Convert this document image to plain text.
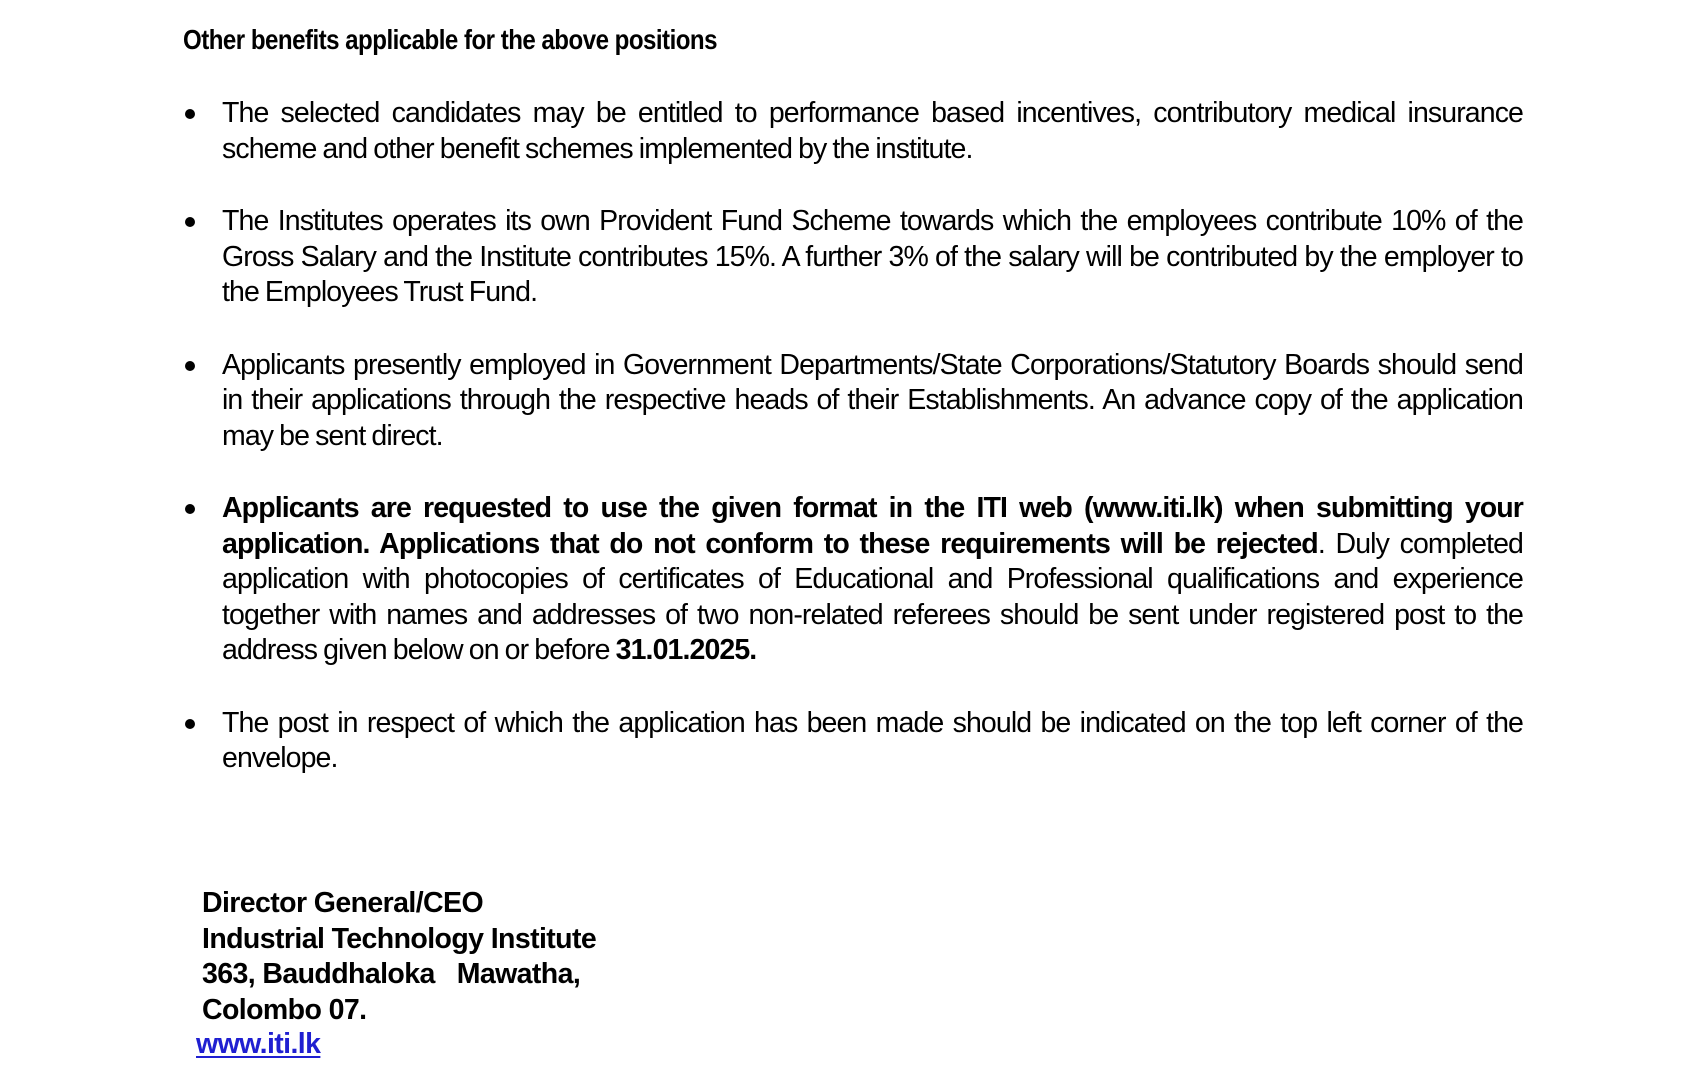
Other benefits applicable for the above positions
The selected candidates may be entitled to performance based incentives, contributory medical insurance scheme and other benefit schemes implemented by the institute.
The Institutes operates its own Provident Fund Scheme towards which the employees contribute 10% of the Gross Salary and the Institute contributes 15%. A further 3% of the salary will be contributed by the employer to the Employees Trust Fund.
Applicants presently employed in Government Departments/State Corporations/Statutory Boards should send in their applications through the respective heads of their Establishments. An advance copy of the application may be sent direct.
Applicants are requested to use the given format in the ITI web (www.iti.lk) when submitting your application. Applications that do not conform to these requirements will be rejected. Duly completed application with photocopies of certificates of Educational and Professional qualifications and experience together with names and addresses of two non-related referees should be sent under registered post to the address given below on or before 31.01.2025.
The post in respect of which the application has been made should be indicated on the top left corner of the envelope.
Director General/CEO
Industrial Technology Institute
363, Bauddhaloka   Mawatha,
Colombo 07.
www.iti.lk
